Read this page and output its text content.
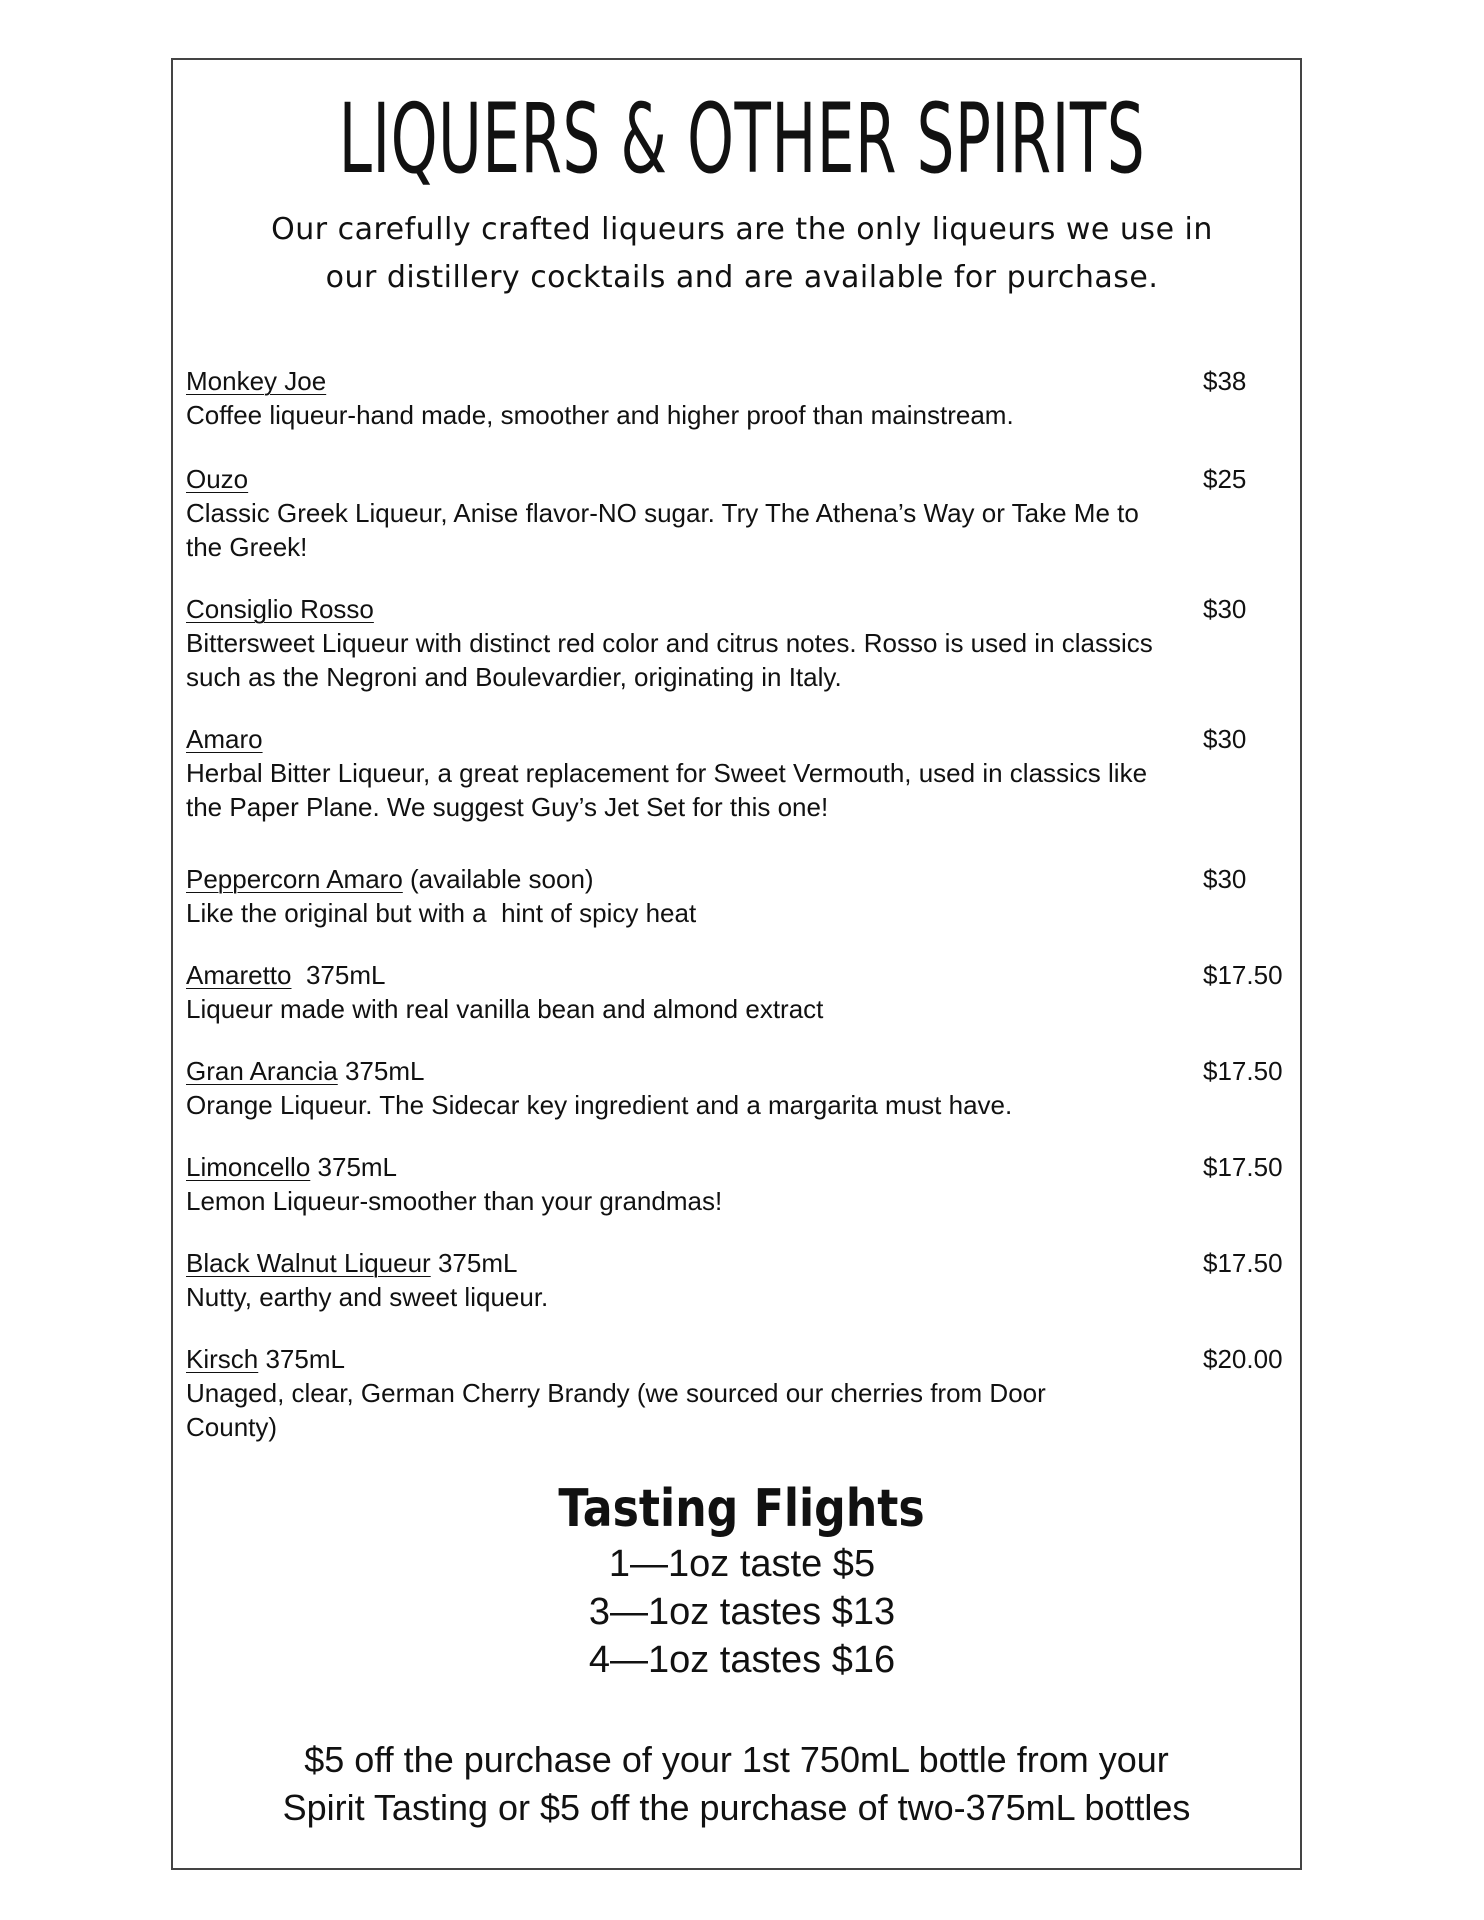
LIQUERS & OTHER SPIRITS
Our carefully crafted liqueurs are the only liqueurs we use in our distillery cocktails and are available for purchase.
Monkey Joe
Coffee liqueur-hand made, smoother and higher proof than mainstream.
$38
Ouzo
Classic Greek Liqueur, Anise flavor-NO sugar. Try The Athena’s Way or Take Me to the Greek!
$25
Consiglio Rosso
Bittersweet Liqueur with distinct red color and citrus notes. Rosso is used in classics such as the Negroni and Boulevardier, originating in Italy.
$30
Amaro
Herbal Bitter Liqueur, a great replacement for Sweet Vermouth, used in classics like the Paper Plane. We suggest Guy’s Jet Set for this one!
$30
Peppercorn Amaro (available soon)
Like the original but with a  hint of spicy heat
$30
Amaretto  375mL
Liqueur made with real vanilla bean and almond extract
$17.50
Gran Arancia 375mL
Orange Liqueur. The Sidecar key ingredient and a margarita must have.
$17.50
Limoncello 375mL
Lemon Liqueur-smoother than your grandmas!
$17.50
Black Walnut Liqueur 375mL
Nutty, earthy and sweet liqueur.
$17.50
Kirsch 375mL
Unaged, clear, German Cherry Brandy (we sourced our cherries from Door County)
$20.00
Tasting Flights
1—1oz taste $5
3—1oz tastes $13
4—1oz tastes $16
$5 off the purchase of your 1st 750mL bottle from your
Spirit Tasting or $5 off the purchase of two-375mL bottles
